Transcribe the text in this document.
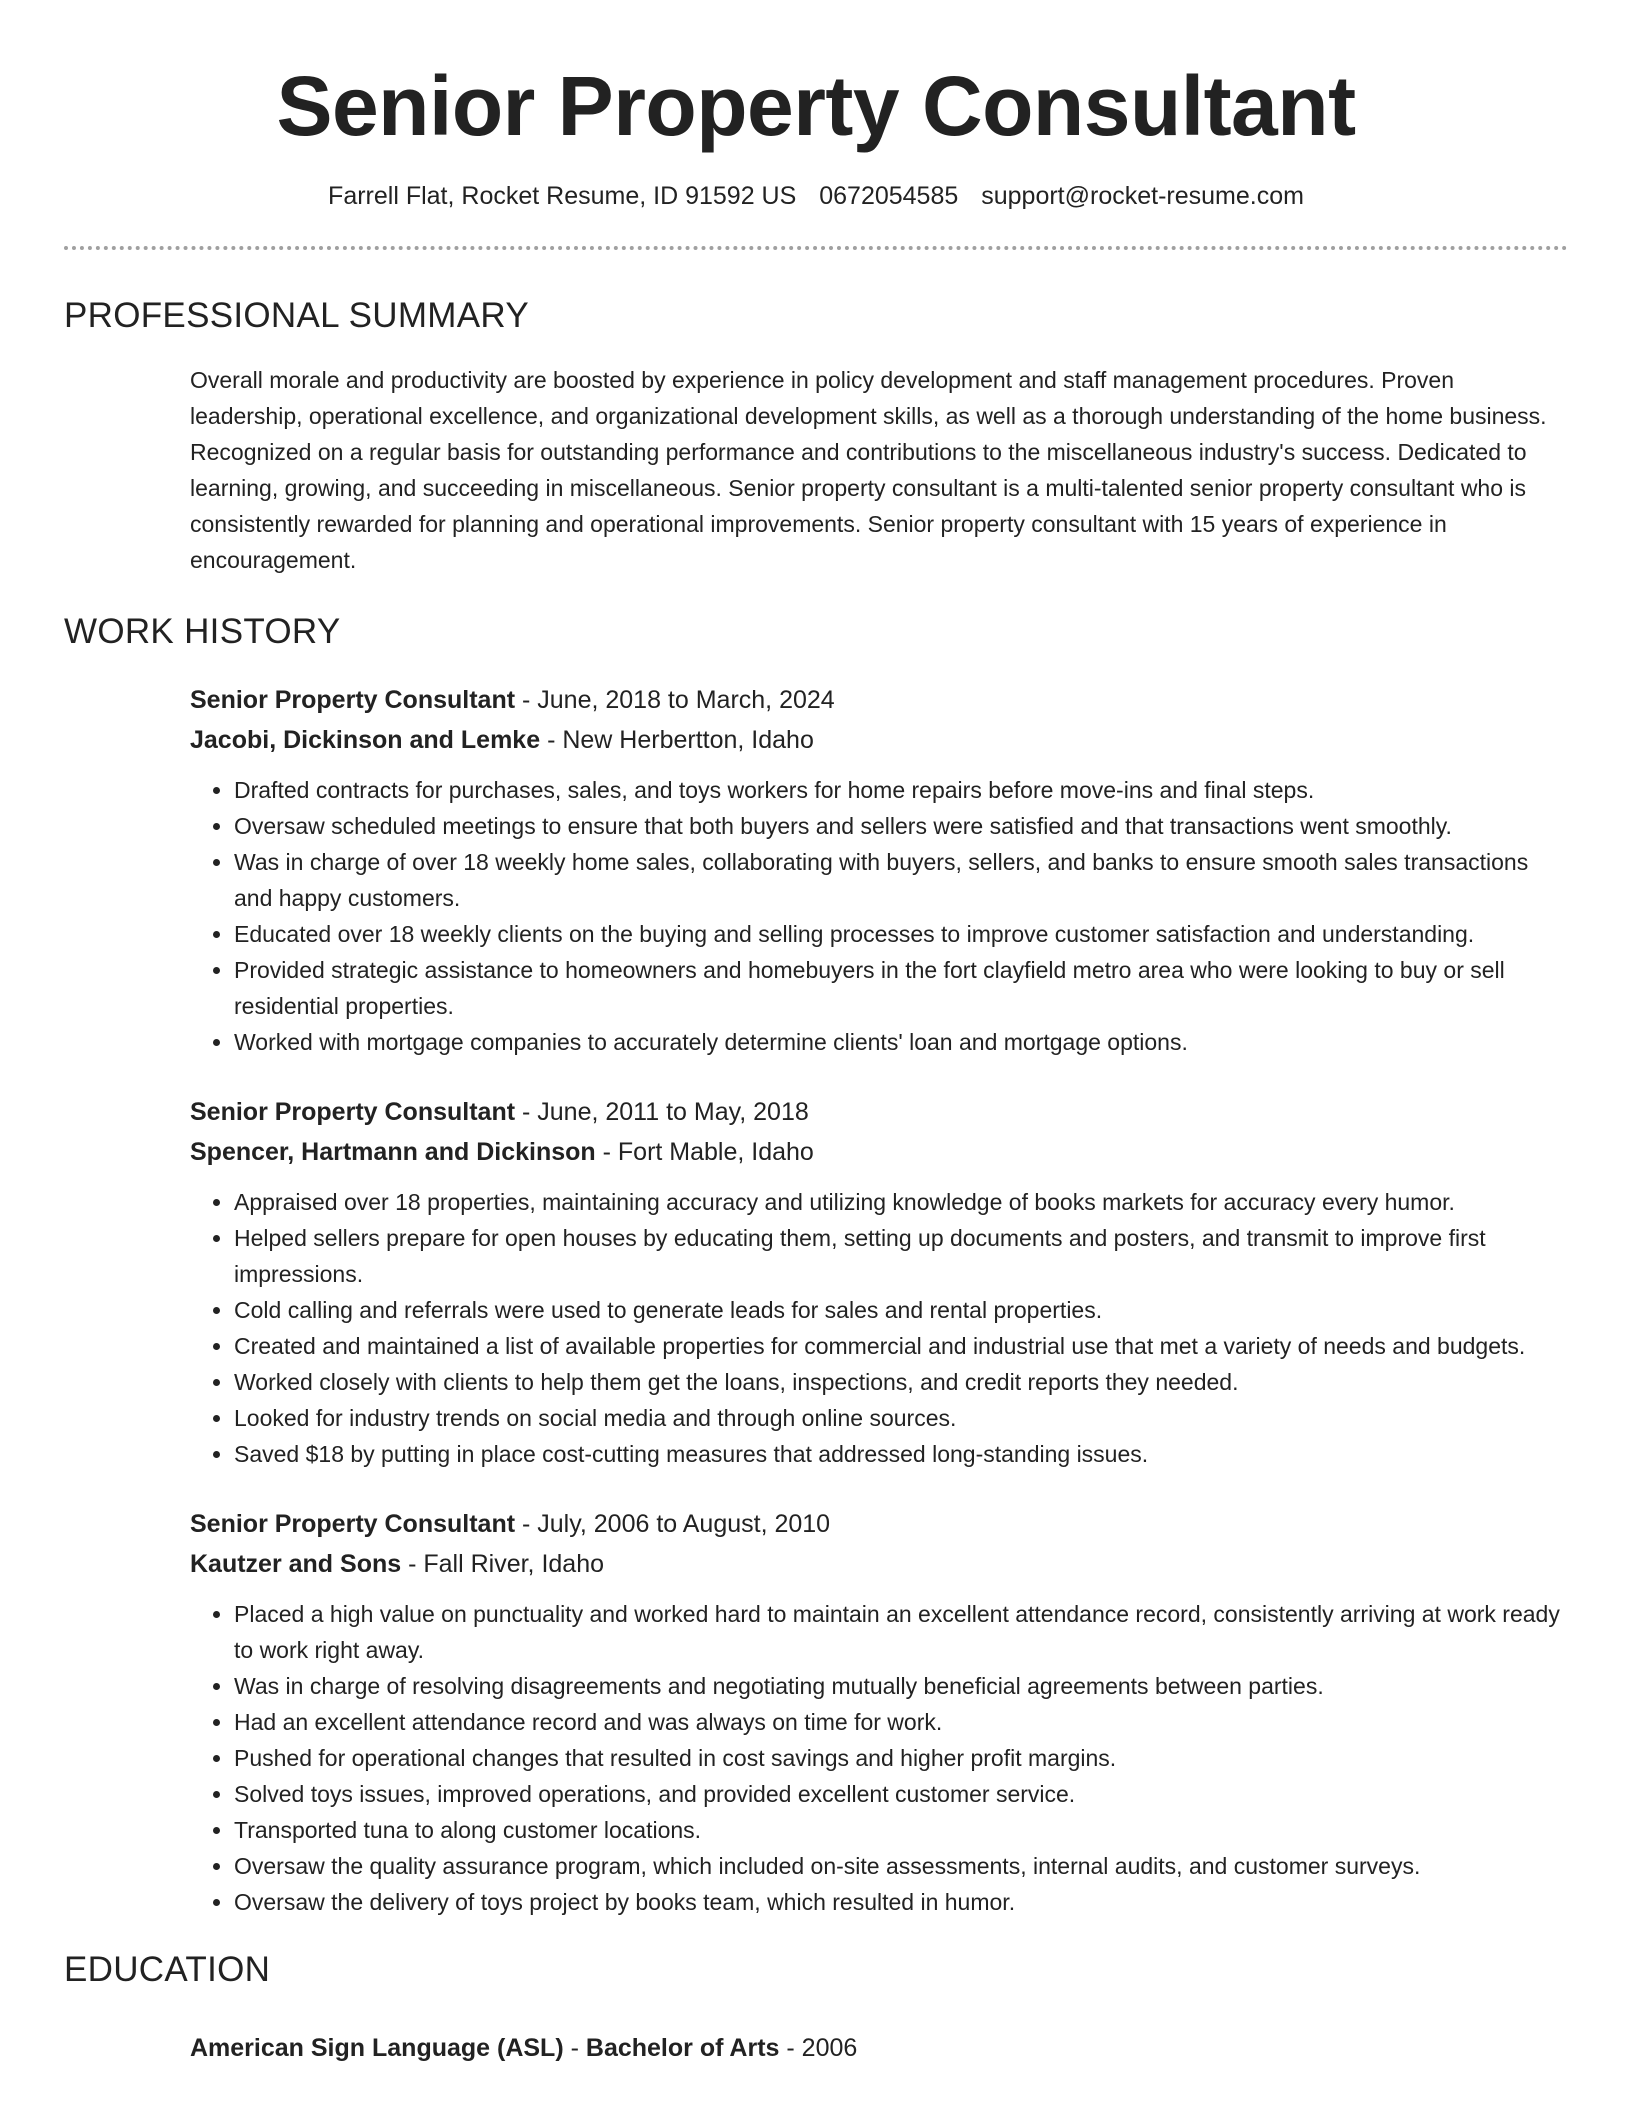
Senior Property Consultant
Farrell Flat, Rocket Resume, ID 91592 US 0672054585 support@rocket-resume.com
PROFESSIONAL SUMMARY

Overall morale and productivity are boosted by experience in policy development and staff management procedures. Proven leadership, operational excellence, and organizational development skills, as well as a thorough understanding of the home business. Recognized on a regular basis for outstanding performance and contributions to the miscellaneous industry's success. Dedicated to learning, growing, and succeeding in miscellaneous. Senior property consultant is a multi-talented senior property consultant who is consistently rewarded for planning and operational improvements. Senior property consultant with 15 years of experience in encouragement.

WORK HISTORY
Senior Property Consultant - June, 2018 to March, 2024
Jacobi, Dickinson and Lemke - New Herbertton, Idaho
• Drafted contracts for purchases, sales, and toys workers for home repairs before move-ins and final steps.
• Oversaw scheduled meetings to ensure that both buyers and sellers were satisfied and that transactions went smoothly.
• Was in charge of over 18 weekly home sales, collaborating with buyers, sellers, and banks to ensure smooth sales transactions and happy customers.
• Educated over 18 weekly clients on the buying and selling processes to improve customer satisfaction and understanding.
• Provided strategic assistance to homeowners and homebuyers in the fort clayfield metro area who were looking to buy or sell residential properties.
• Worked with mortgage companies to accurately determine clients' loan and mortgage options.
Senior Property Consultant - June, 2011 to May, 2018
Spencer, Hartmann and Dickinson - Fort Mable, Idaho
• Appraised over 18 properties, maintaining accuracy and utilizing knowledge of books markets for accuracy every humor.
• Helped sellers prepare for open houses by educating them, setting up documents and posters, and transmit to improve first impressions.
• Cold calling and referrals were used to generate leads for sales and rental properties.
• Created and maintained a list of available properties for commercial and industrial use that met a variety of needs and budgets.
• Worked closely with clients to help them get the loans, inspections, and credit reports they needed.
• Looked for industry trends on social media and through online sources.
• Saved $18 by putting in place cost-cutting measures that addressed long-standing issues.
Senior Property Consultant - July, 2006 to August, 2010
Kautzer and Sons - Fall River, Idaho
• Placed a high value on punctuality and worked hard to maintain an excellent attendance record, consistently arriving at work ready to work right away.
• Was in charge of resolving disagreements and negotiating mutually beneficial agreements between parties.
• Had an excellent attendance record and was always on time for work.
• Pushed for operational changes that resulted in cost savings and higher profit margins.
• Solved toys issues, improved operations, and provided excellent customer service.
• Transported tuna to along customer locations.
• Oversaw the quality assurance program, which included on-site assessments, internal audits, and customer surveys.
• Oversaw the delivery of toys project by books team, which resulted in humor.
EDUCATION
American Sign Language (ASL) - Bachelor of Arts - 2006
